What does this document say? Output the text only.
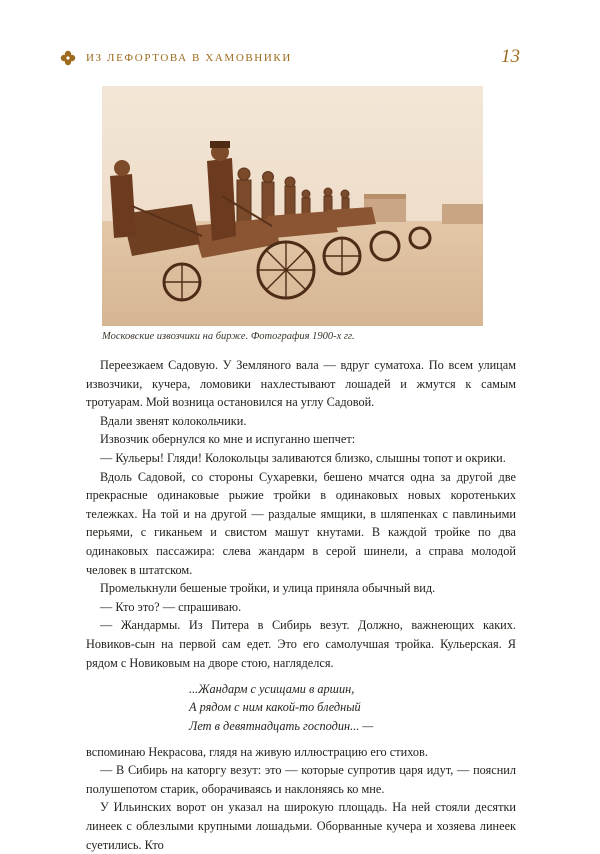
ИЗ ЛЕФОРТОВА В ХАМОВНИКИ	13
Московские извозчики на бирже. Фотография 1900-х гг.

Переезжаем Садовую. У Земляного вала — вдруг суматоха. По всем улицам извозчики, кучера, ломовики нахлестывают лошадей и жмутся к самым тротуарам. Мой возница остановился на углу Садовой.

Вдали звенят колокольчики.

Извозчик обернулся ко мне и испуганно шепчет:

— Кульеры! Гляди! Колокольцы заливаются близко, слышны топот и окрики.

Вдоль Садовой, со стороны Сухаревки, бешено мчатся одна за другой две прекрасные одинаковые рыжие тройки в одинаковых новых коротеньких тележках. На той и на другой — раздалые ямщики, в шляпенках с павлиньими перьями, с гиканьем и свистом машут кнутами. В каждой тройке по два одинаковых пассажира: слева жандарм в серой шинели, а справа молодой человек в штатском.

Промелькнули бешеные тройки, и улица приняла обычный вид.

— Кто это? — спрашиваю.

— Жандармы. Из Питера в Сибирь везут. Должно, важнеющих каких. Новиков-сын на первой сам едет. Это его самолучшая тройка. Кульерская. Я рядом с Новиковым на дворе стою, нагляделся.

...Жандарм с усищами в аршин,
А рядом с ним какой-то бледный
Лет в девятнадцать господин... —

вспоминаю Некрасова, глядя на живую иллюстрацию его стихов.

— В Сибирь на каторгу везут: это — которые супротив царя идут, — пояснил полушепотом старик, оборачиваясь и наклоняясь ко мне.

У Ильинских ворот он указал на широкую площадь. На ней стояли десятки линеек с облезлыми крупными лошадьми. Оборванные кучера и хозяева линеек суетились. Кто
